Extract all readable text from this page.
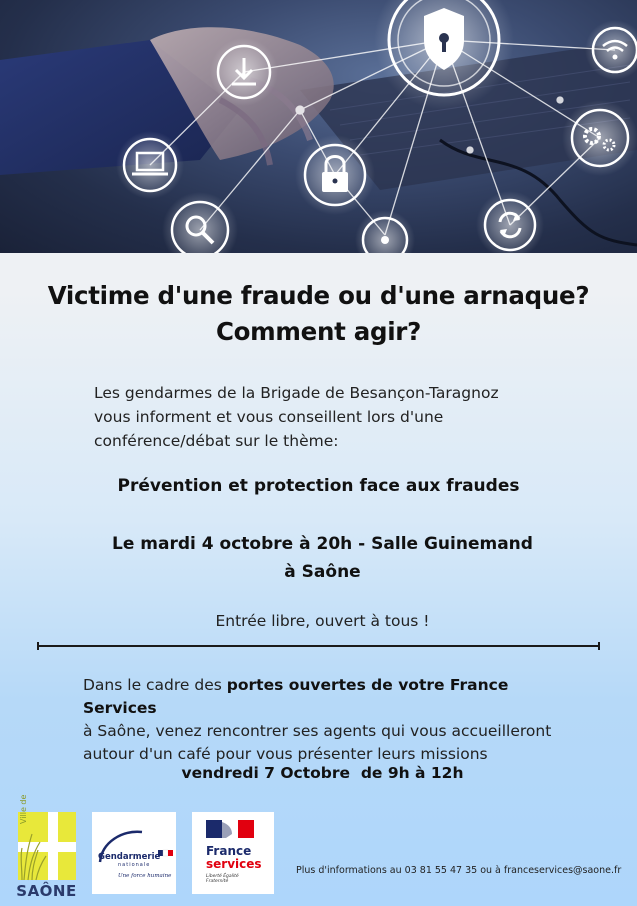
Victime d'une fraude ou d'une arnaque?
Comment agir?
Les gendarmes de la Brigade de Besançon-Taragnoz
vous informent et vous conseillent lors d'une
conférence/débat sur le thème:
Prévention et protection face aux fraudes
Le mardi 4 octobre à 20h - Salle Guinemand
à Saône
Entrée libre, ouvert à tous !
Dans le cadre des portes ouvertes de votre France Services
à Saône, venez rencontrer ses agents qui vous accueilleront
autour d'un café pour vous présenter leurs missions
vendredi 7 Octobre  de 9h à 12h
Ville de
SAÔNE
Gendarmerie
nationale
Une force humaine
France
services
Liberté Égalité Fraternité
Plus d'informations au 03 81 55 47 35 ou à franceservices@saone.fr
